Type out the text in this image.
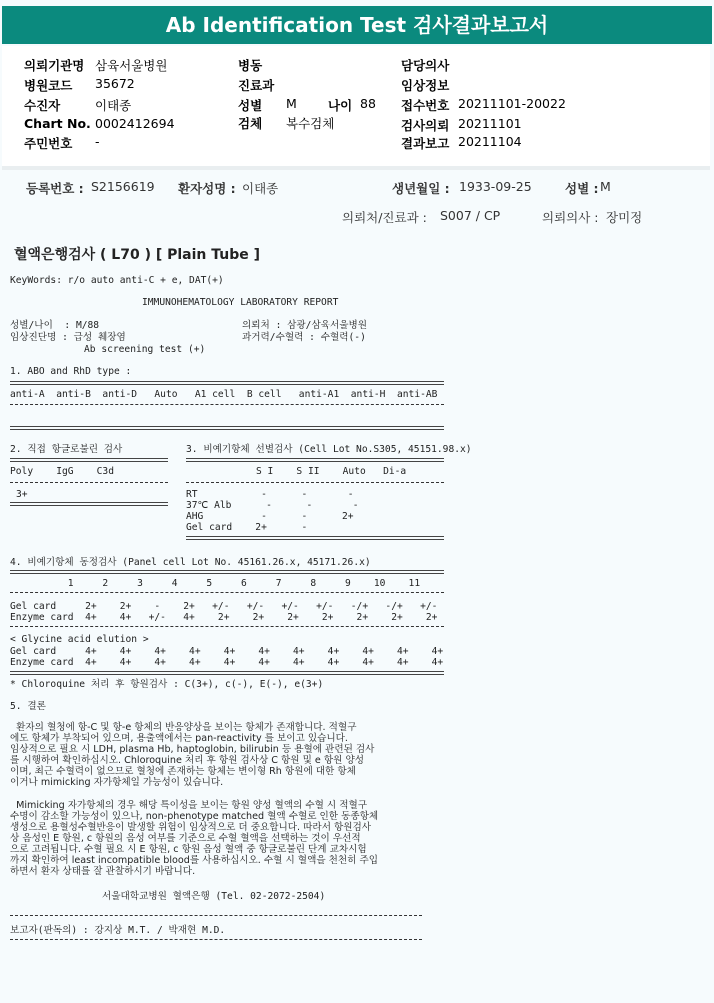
Ab Identification Test 검사결과보고서
의뢰기관명 삼육서울병원
병원코드 35672
수진자	이태종
Chart No. 0002412694
주민번호 -
병동
진료과
성별 M 나이 88
검체 복수검체
담당의사
임상정보
접수번호 20211101-20022
검사의뢰 20211101
결과보고 20211104
등록번호 : S2156619 환자성명 : 이태종	생년월일 : 1933-09-25	성별 : M
의뢰처/진료과 : S007 / CP	의뢰의사 : 장미정
혈액은행검사 ( L70 ) [ Plain Tube ]
KeyWords: r/o auto anti-C + e, DAT(+)
IMMUNOHEMATOLOGY LABORATORY REPORT
성별/나이  : M/88	의뢰처 : 삼광/삼육서울병원
임상진단명 : 급성 췌장염	과거력/수혈력 : 수혈력(-)
Ab screening test (+)
1. ABO and RhD type :
anti-A  anti-B  anti-D   Auto   A1 cell  B cell   anti-A1  anti-H  anti-AB
2. 직접 항글로불린 검사
Poly    IgG    C3d
3+
3. 비예기항체 선별검사 (Cell Lot No.S305, 45151.98.x)
S I    S II    Auto   Di-a
RT           -      -       -
37℃ Alb      -      -       -
AHG          -      -      2+
Gel card    2+      -
4. 비예기항체 동정검사 (Panel cell Lot No. 45161.26.x, 45171.26.x)
1     2     3     4     5     6     7     8     9    10    11
Gel card     2+    2+    -    2+   +/-   +/-   +/-   +/-   -/+   -/+   +/-
Enzyme card  4+    4+   +/-   4+    2+    2+    2+    2+    2+    2+    2+
< Glycine acid elution >
Gel card     4+    4+    4+    4+    4+    4+    4+    4+    4+    4+    4+
Enzyme card  4+    4+    4+    4+    4+    4+    4+    4+    4+    4+    4+
* Chloroquine 처리 후 항원검사 : C(3+), c(-), E(-), e(3+)
5. 결론
환자의 혈청에 항-C 및 항-e 항체의 반응양상을 보이는 항체가 존재합니다. 적혈구
에도 항체가 부착되어 있으며, 용출액에서는 pan-reactivity 를 보이고 있습니다.
임상적으로 필요 시 LDH, plasma Hb, haptoglobin, bilirubin 등 용혈에 관련된 검사
를 시행하여 확인하십시오. Chloroquine 처리 후 항원 검사상 C 항원 및 e 항원 양성
이며, 최근 수혈력이 없으므로 혈청에 존재하는 항체는 변이형 Rh 항원에 대한 항체
이거나 mimicking 자가항체일 가능성이 있습니다.
Mimicking 자가항체의 경우 해당 특이성을 보이는 항원 양성 혈액의 수혈 시 적혈구
수명이 감소할 가능성이 있으나, non-phenotype matched 혈액 수혈로 인한 동종항체
생성으로 용혈성수혈반응이 발생할 위험이 임상적으로 더 중요합니다. 따라서 항원검사
상 음성인 E 항원, c 항원의 음성 여부를 기준으로 수혈 혈액을 선택하는 것이 우선적
으로 고려됩니다. 수혈 필요 시 E 항원, c 항원 음성 혈액 중 항글로불린 단계 교차시험
까지 확인하여 least incompatible blood를 사용하십시오. 수혈 시 혈액을 천천히 주입
하면서 환자 상태를 잘 관찰하시기 바랍니다.
서울대학교병원 혈액은행 (Tel. 02-2072-2504)
보고자(판독의) : 강지상 M.T. / 박재현 M.D.
